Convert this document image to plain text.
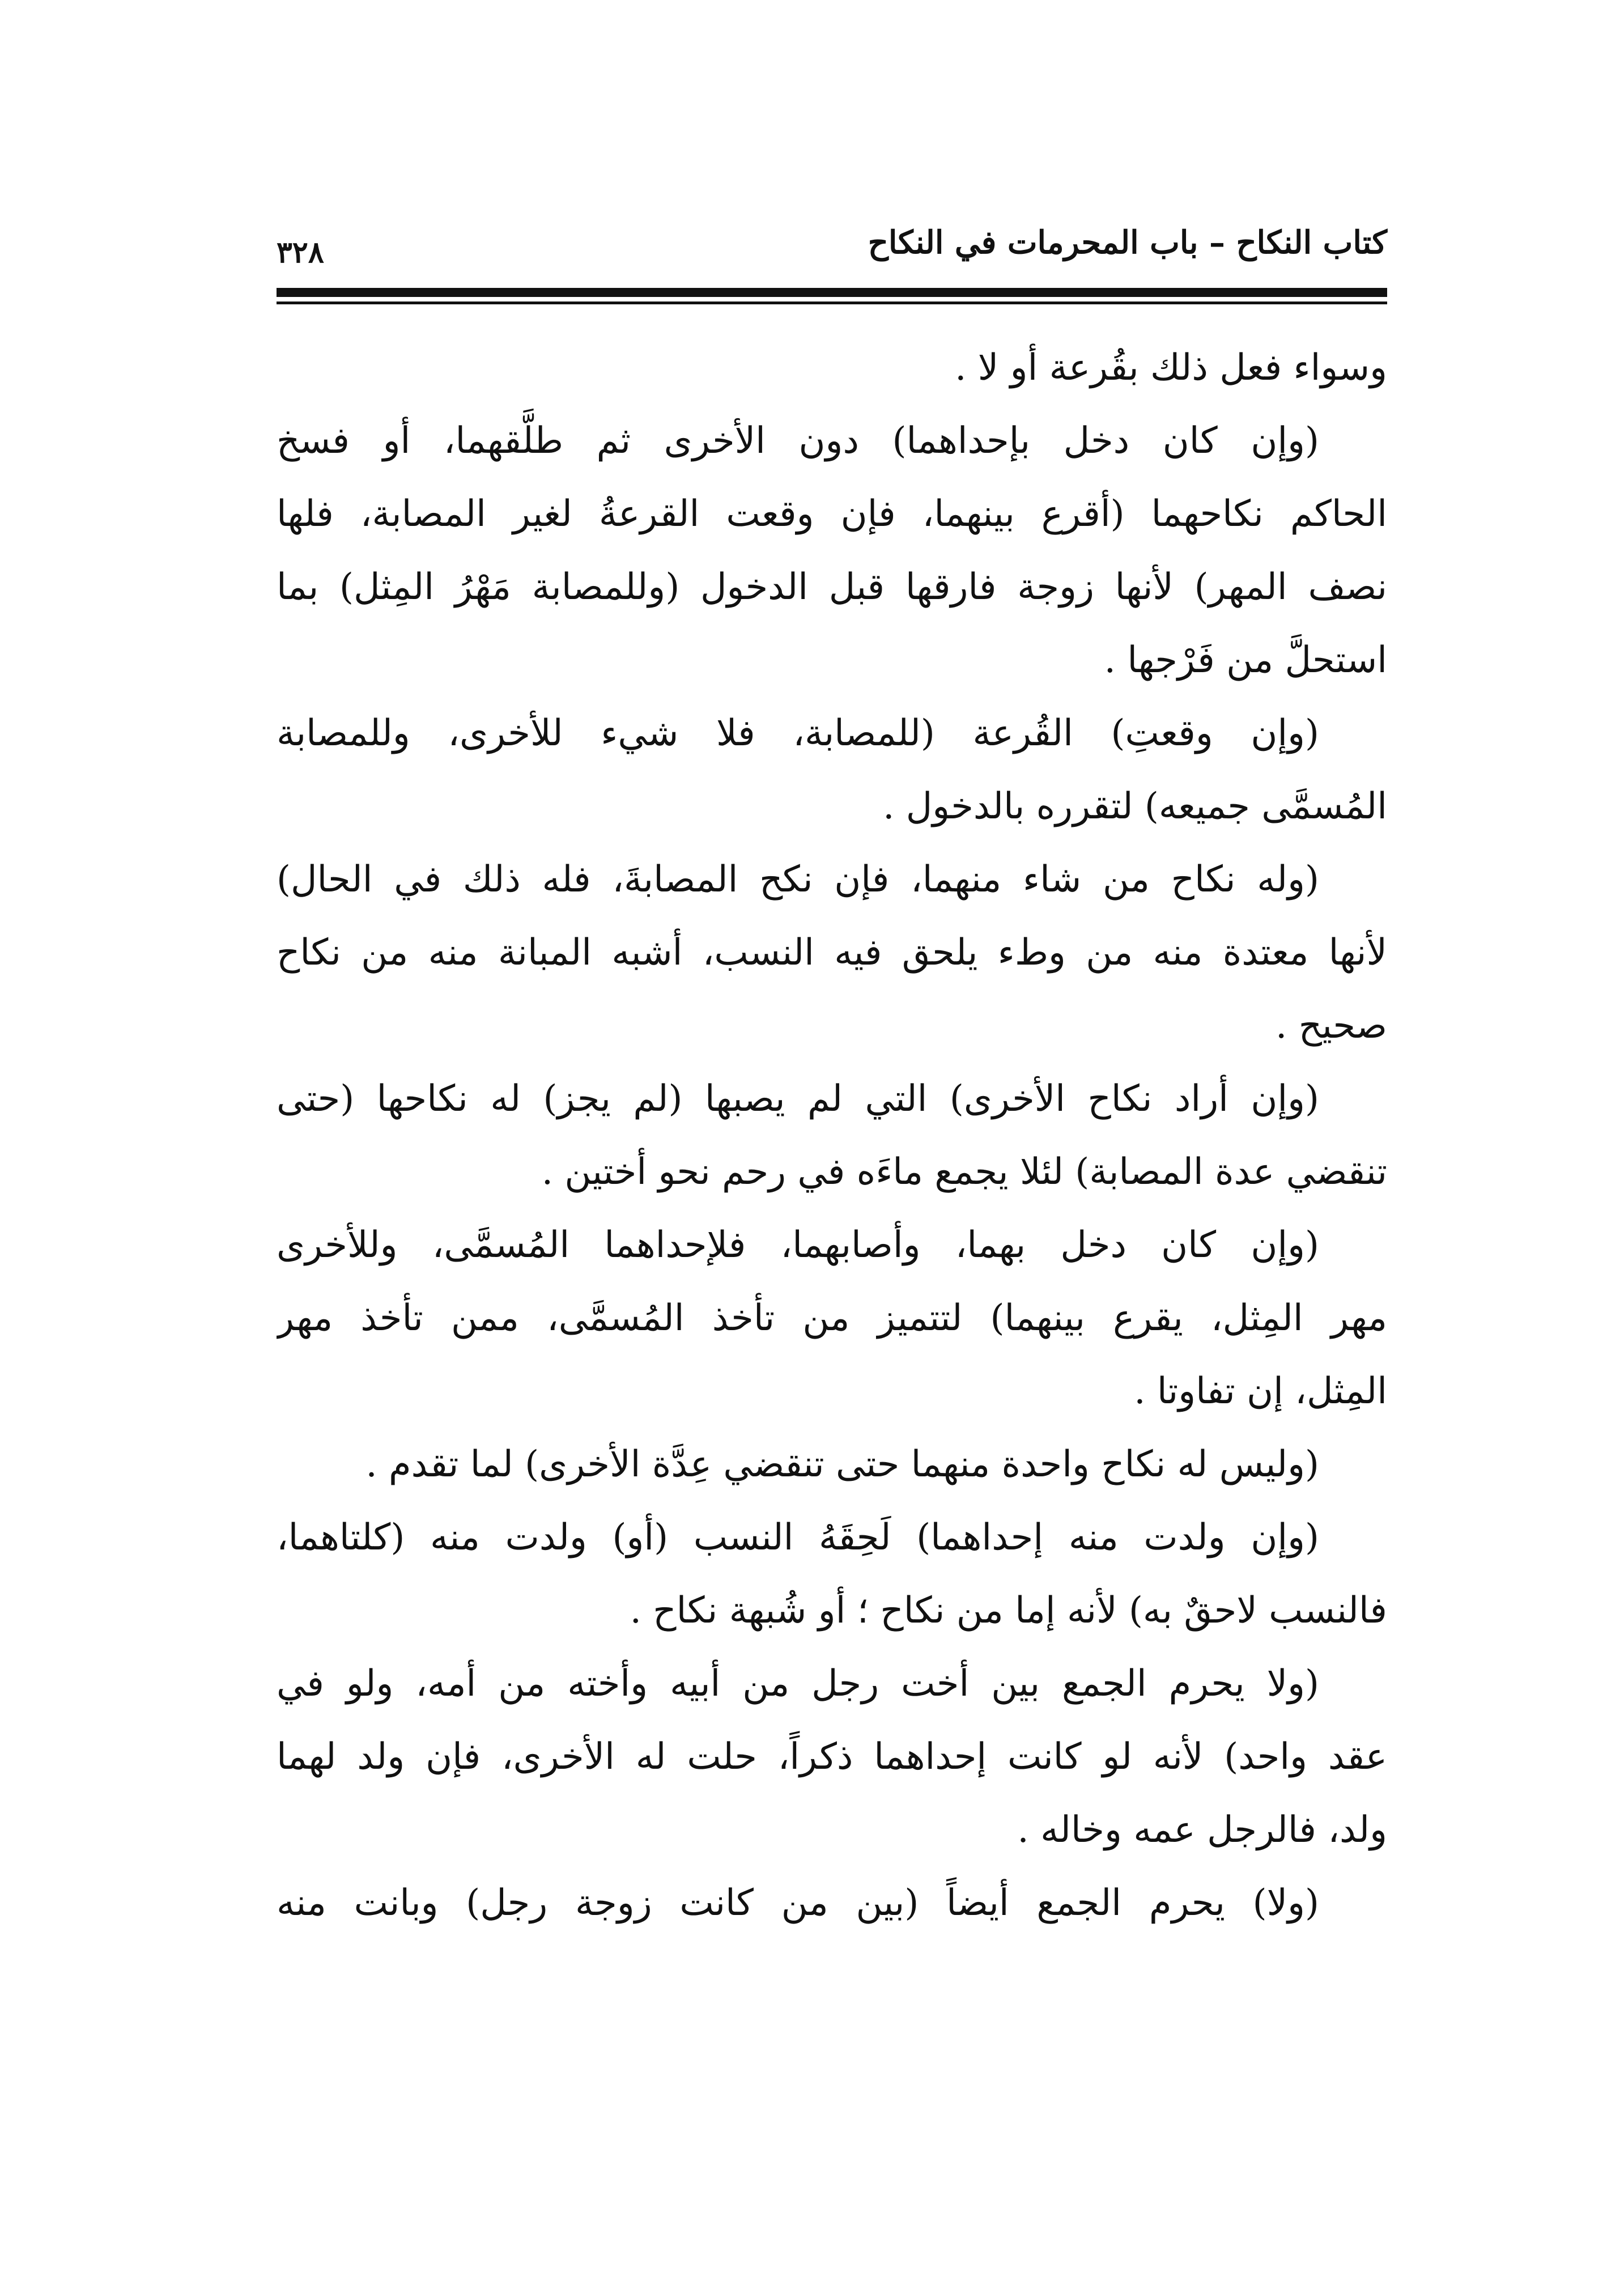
٣٢٨	كتاب النكاح – باب المحرمات في النكاح
وسواء فعل ذلك بقُرعة أو لا .
(وإن كان دخل بإحداهما) دون الأخرى ثم طلَّقهما، أو فسخ
الحاكم نكاحهما (أقرع بينهما، فإن وقعت القرعةُ لغير المصابة، فلها
نصف المهر) لأنها زوجة فارقها قبل الدخول (وللمصابة مَهْرُ المِثل) بما
استحلَّ من فَرْجها .
(وإن وقعتِ) القُرعة (للمصابة، فلا شيء للأخرى، وللمصابة
المُسمَّى جميعه) لتقرره بالدخول .
(وله نكاح من شاء منهما، فإن نكح المصابةَ، فله ذلك في الحال)
لأنها معتدة منه من وطء يلحق فيه النسب، أشبه المبانة منه من نكاح
صحيح .
(وإن أراد نكاح الأخرى) التي لم يصبها (لم يجز) له نكاحها (حتى
تنقضي عدة المصابة) لئلا يجمع ماءَه في رحم نحو أختين .
(وإن كان دخل بهما، وأصابهما، فلإحداهما المُسمَّى، وللأخرى
مهر المِثل، يقرع بينهما) لتتميز من تأخذ المُسمَّى، ممن تأخذ مهر
المِثل، إن تفاوتا .
(وليس له نكاح واحدة منهما حتى تنقضي عِدَّة الأخرى) لما تقدم .
(وإن ولدت منه إحداهما) لَحِقَهُ النسب (أو) ولدت منه (كلتاهما،
فالنسب لاحقٌ به) لأنه إما من نكاح ؛ أو شُبهة نكاح .
(ولا يحرم الجمع بين أخت رجل من أبيه وأخته من أمه، ولو في
عقد واحد) لأنه لو كانت إحداهما ذكراً، حلت له الأخرى، فإن ولد لهما
ولد، فالرجل عمه وخاله .
(ولا) يحرم الجمع أيضاً (بين من كانت زوجة رجل) وبانت منه
